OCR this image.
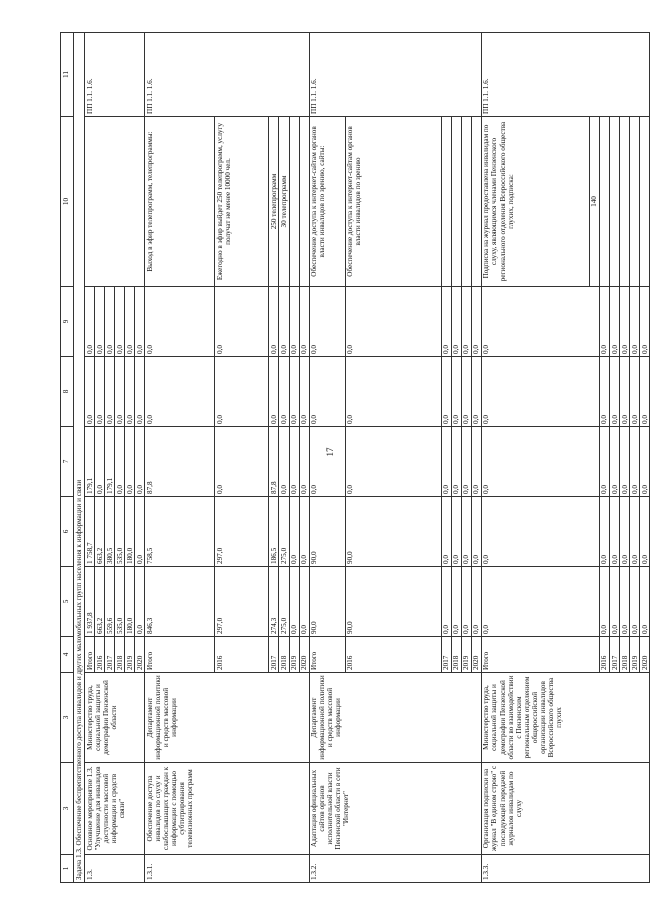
17
1	3	3	4	5	6	7	8	9	10	11
Задача 1.3. Обеспечение беспрепятственного доступа инвалидов и других маломобильных групп населения к информации и связи										
1.3.	Основное мероприятие 1.3. "Улучшение для инвалидов доступности массовой информации и средств связи"	Министерство труда, социальной защиты и демографии Пензенской области	Итого	1 937,8	1 758,7	179,1	0,0	0,0		ПП 1.1. 1.6.
			2016	663,2	663,2	0,0	0,0	0,0		
			2017	559,6	380,5	179,1	0,0	0,0		
			2018	535,0	535,0	0,0	0,0	0,0		
			2019	180,0	180,0	0,0	0,0	0,0		
			2020	0,0	0,0	0,0	0,0	0,0		
1.3.1.	Обеспечение доступа инвалидов по слуху и слабослышащих граждан к информации с помощью субтитрирования телевизионных программ	Департамент информационной политики и средств массовой информации	Итого	846,3	758,5	87,8	0,0	0,0	Выход в эфир телепрограмм, телепрограммы:	ПП 1.1. 1.6.
			2016	297,0	297,0	0,0	0,0	0,0	Ежегодно в эфир выйдет 250 телепрограмм, услугу получат не менее 10000 чел.	
			2017	274,3	186,5	87,8	0,0	0,0	250 телепрограмм	
			2018	275,0	275,0	0,0	0,0	0,0	30 телепрограмм	
			2019	0,0	0,0	0,0	0,0	0,0		
			2020	0,0	0,0	0,0	0,0	0,0		
1.3.2.	Адаптация официальных сайтов органов исполнительной власти Пензенской области в сети "Интернет"	Департамент информационной политики и средств массовой информации	Итого	90,0	90,0	0,0	0,0	0,0	Обеспечение доступа к интернет-сайтам органов власти инвалидов по зрению, сайты:	ПП 1.1. 1.6.
			2016	90,0	90,0	0,0	0,0	0,0	Обеспечение доступа к интернет-сайтам органов власти инвалидов по зрению	
			2017	0,0	0,0	0,0	0,0	0,0		
			2018	0,0	0,0	0,0	0,0	0,0		
			2019	0,0	0,0	0,0	0,0	0,0		
			2020	0,0	0,0	0,0	0,0	0,0		
1.3.3.	Организация подписки на журнал "В едином строю" с последующей передачей журналов инвалидам по слуху	Министерство труда, социальной защиты и демографии Пензенской области во взаимодействии с Пензенским региональным отделением общероссийской организации инвалидов Всероссийского общества глухих	Итого	0,0	0,0	0,0	0,0	0,0	Подписка на журнал предоставлена инвалидам по слуху, являющимся членами Пензенского регионального отделения Всероссийского общества глухих, подписка:	ПП 1.1. 1.6.
									140	
			2016	0,0	0,0	0,0	0,0	0,0		
			2017	0,0	0,0	0,0	0,0	0,0		
			2018	0,0	0,0	0,0	0,0	0,0		
			2019	0,0	0,0	0,0	0,0	0,0		
			2020	0,0	0,0	0,0	0,0	0,0		
